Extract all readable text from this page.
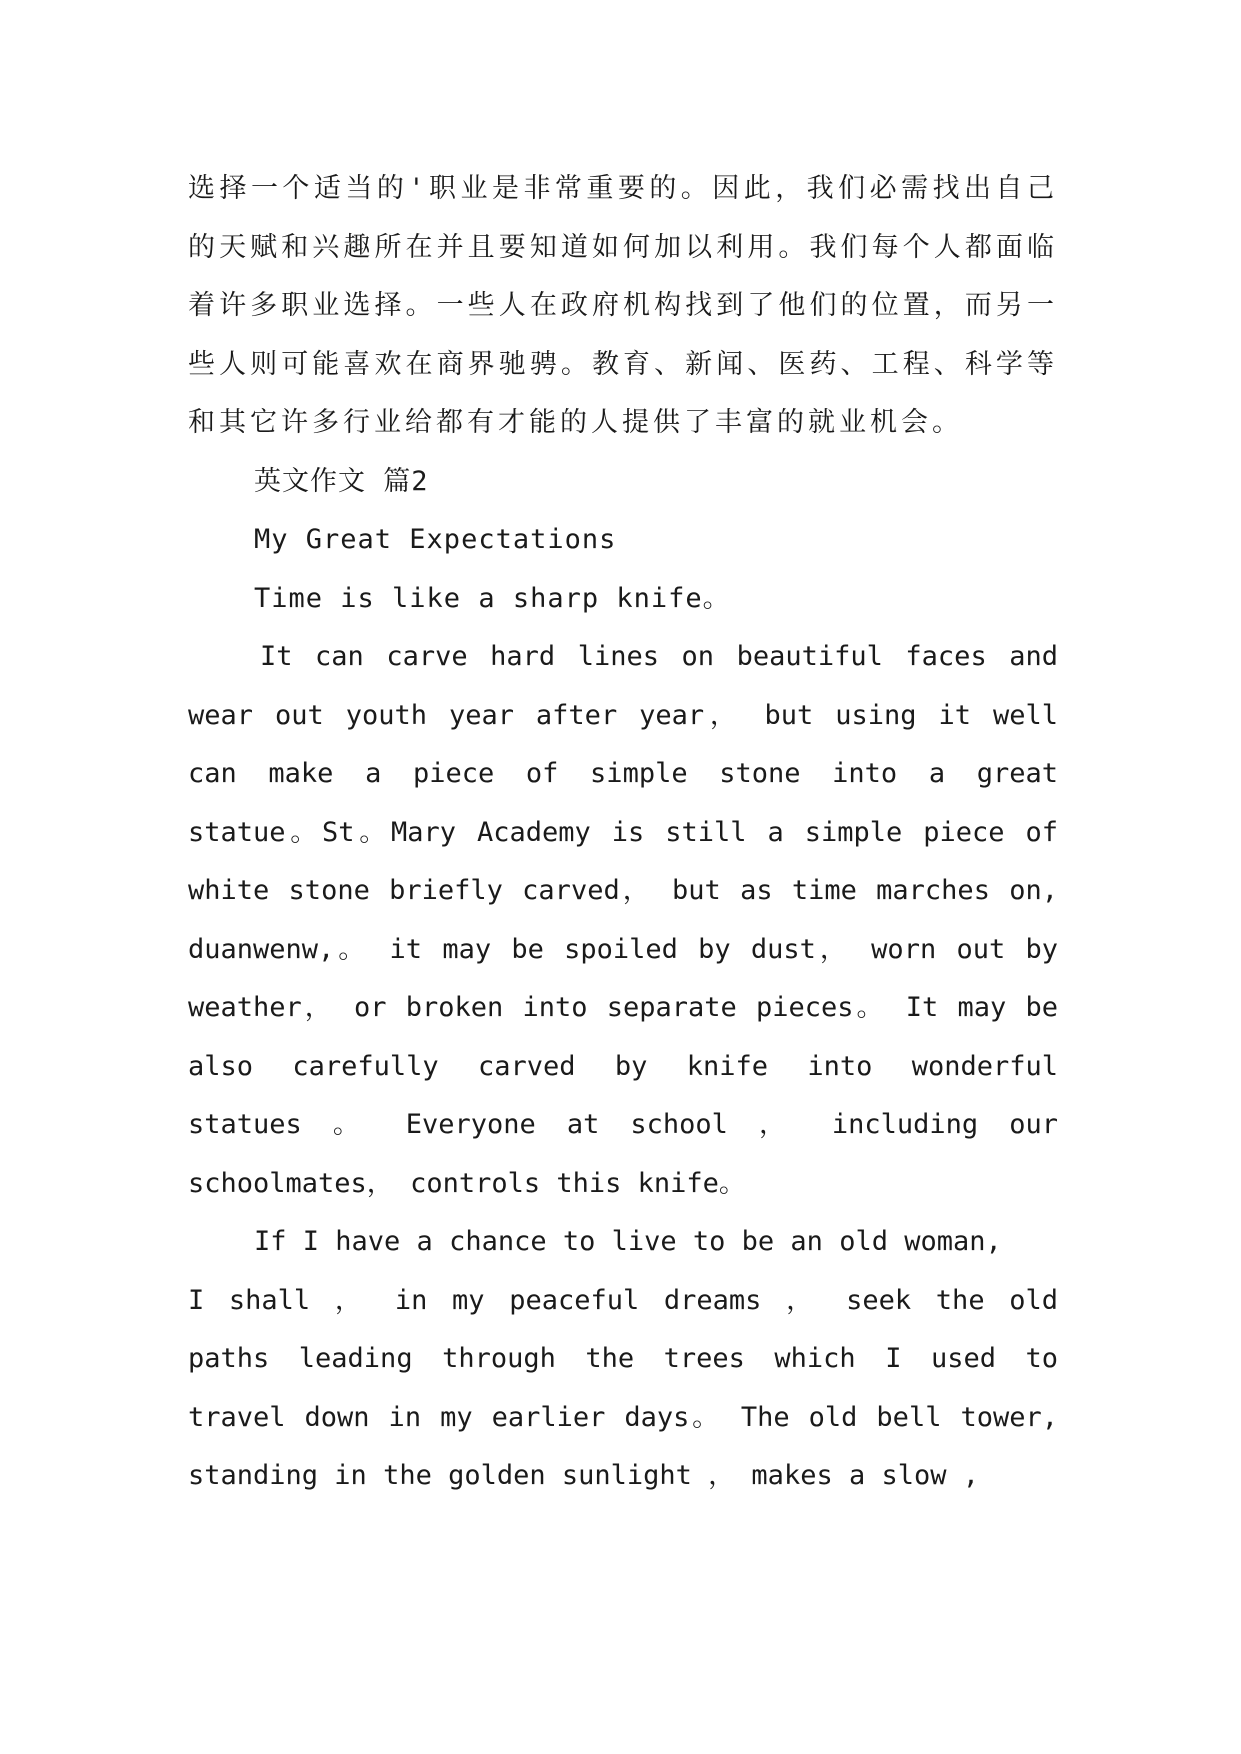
选择一个适当的'职业是非常重要的。因此，我们必需找出自己的天赋和兴趣所在并且要知道如何加以利用。我们每个人都面临着许多职业选择。一些人在政府机构找到了他们的位置，而另一些人则可能喜欢在商界驰骋。教育、新闻、医药、工程、科学等和其它许多行业给都有才能的人提供了丰富的就业机会。

英文作文 篇2

My Great Expectations

Time is like a sharp knife。

It can carve hard lines on beautiful faces and

wear out youth year after year， but using it well

can make a piece of simple stone into a great

statue。St。Mary Academy is still a simple piece of

white stone briefly carved， but as time marches on,

duanwenw,。 it may be spoiled by dust， worn out by

weather， or broken into separate pieces。 It may be

also carefully carved by knife into wonderful

statues 。 Everyone at school ， including our

schoolmates， controls this knife。

If I have a chance to live to be an old woman,

I shall ， in my peaceful dreams ， seek the old

paths leading through the trees which I used to

travel down in my earlier days。 The old bell tower,

standing in the golden sunlight ， makes a slow ,
